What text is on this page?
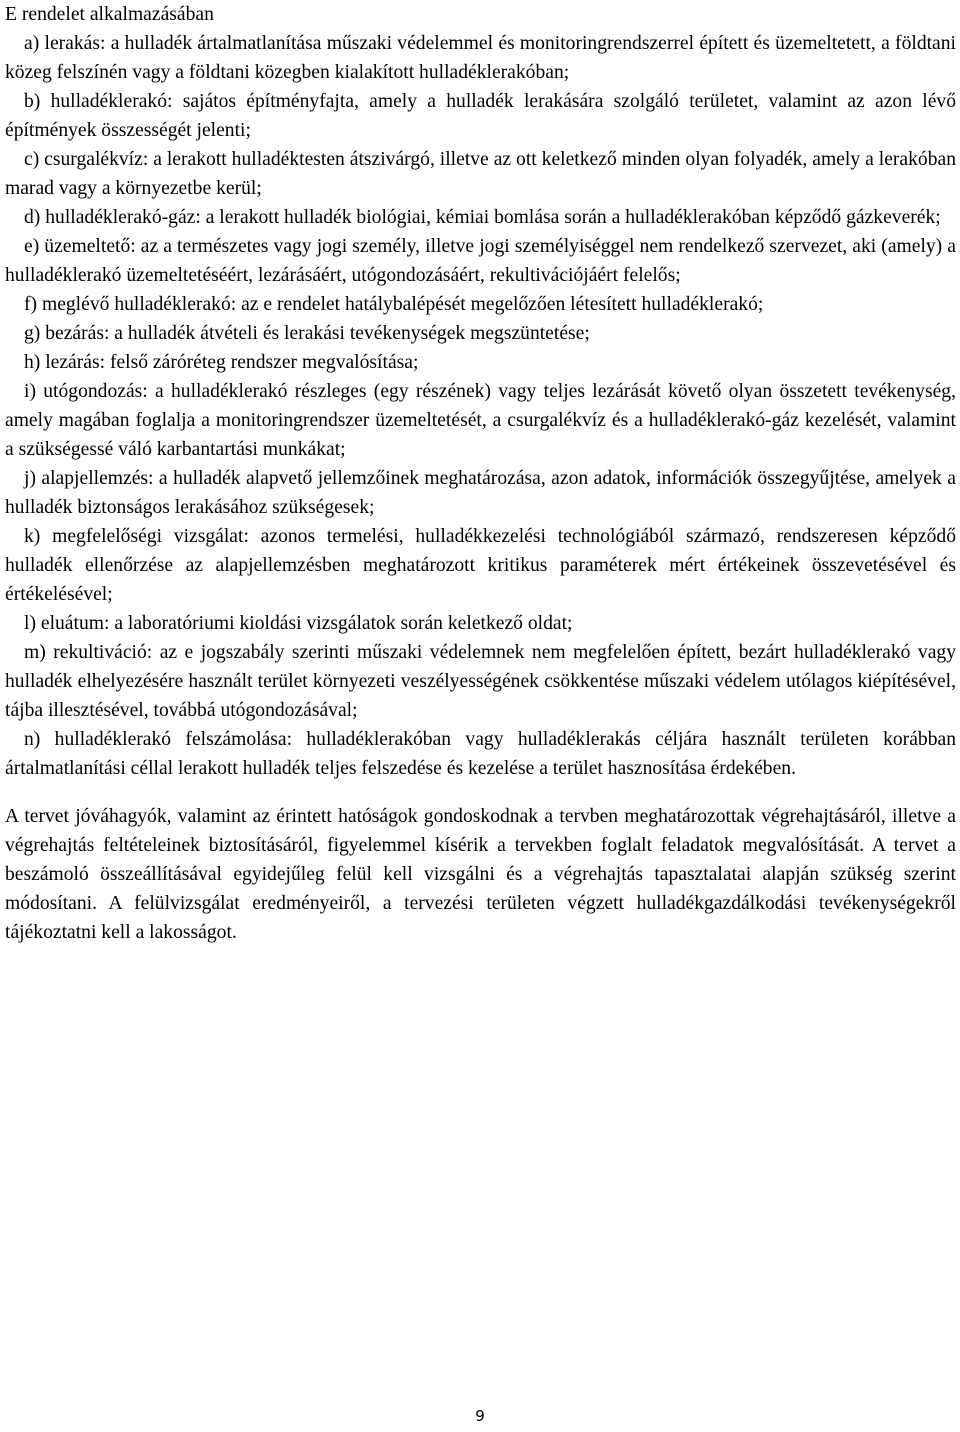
E rendelet alkalmazásában

a) lerakás: a hulladék ártalmatlanítása műszaki védelemmel és monitoringrendszerrel épített és üzemeltetett, a földtani közeg felszínén vagy a földtani közegben kialakított hulladéklerakóban;

b) hulladéklerakó: sajátos építményfajta, amely a hulladék lerakására szolgáló területet, valamint az azon lévő építmények összességét jelenti;

c) csurgalékvíz: a lerakott hulladéktesten átszivárgó, illetve az ott keletkező minden olyan folyadék, amely a lerakóban marad vagy a környezetbe kerül;

d) hulladéklerakó-gáz: a lerakott hulladék biológiai, kémiai bomlása során a hulladéklerakóban képződő gázkeverék;

e) üzemeltető: az a természetes vagy jogi személy, illetve jogi személyiséggel nem rendelkező szervezet, aki (amely) a hulladéklerakó üzemeltetéséért, lezárásáért, utógondozásáért, rekultivációjáért felelős;

f) meglévő hulladéklerakó: az e rendelet hatálybalépését megelőzően létesített hulladéklerakó;

g) bezárás: a hulladék átvételi és lerakási tevékenységek megszüntetése;

h) lezárás: felső záróréteg rendszer megvalósítása;

i) utógondozás: a hulladéklerakó részleges (egy részének) vagy teljes lezárását követő olyan összetett tevékenység, amely magában foglalja a monitoringrendszer üzemeltetését, a csurgalékvíz és a hulladéklerakó-gáz kezelését, valamint a szükségessé váló karbantartási munkákat;

j) alapjellemzés: a hulladék alapvető jellemzőinek meghatározása, azon adatok, információk összegyűjtése, amelyek a hulladék biztonságos lerakásához szükségesek;

k) megfelelőségi vizsgálat: azonos termelési, hulladékkezelési technológiából származó, rendszeresen képződő hulladék ellenőrzése az alapjellemzésben meghatározott kritikus paraméterek mért értékeinek összevetésével és értékelésével;

l) eluátum: a laboratóriumi kioldási vizsgálatok során keletkező oldat;

m) rekultiváció: az e jogszabály szerinti műszaki védelemnek nem megfelelően épített, bezárt hulladéklerakó vagy hulladék elhelyezésére használt terület környezeti veszélyességének csökkentése műszaki védelem utólagos kiépítésével, tájba illesztésével, továbbá utógondozásával;

n) hulladéklerakó felszámolása: hulladéklerakóban vagy hulladéklerakás céljára használt területen korábban ártalmatlanítási céllal lerakott hulladék teljes felszedése és kezelése a terület hasznosítása érdekében.

A tervet jóváhagyók, valamint az érintett hatóságok gondoskodnak a tervben meghatározottak végrehajtásáról, illetve a végrehajtás feltételeinek biztosításáról, figyelemmel kísérik a tervekben foglalt feladatok megvalósítását. A tervet a beszámoló összeállításával egyidejűleg felül kell vizsgálni és a végrehajtás tapasztalatai alapján szükség szerint módosítani. A felülvizsgálat eredményeiről, a tervezési területen végzett hulladékgazdálkodási tevékenységekről tájékoztatni kell a lakosságot.

9
